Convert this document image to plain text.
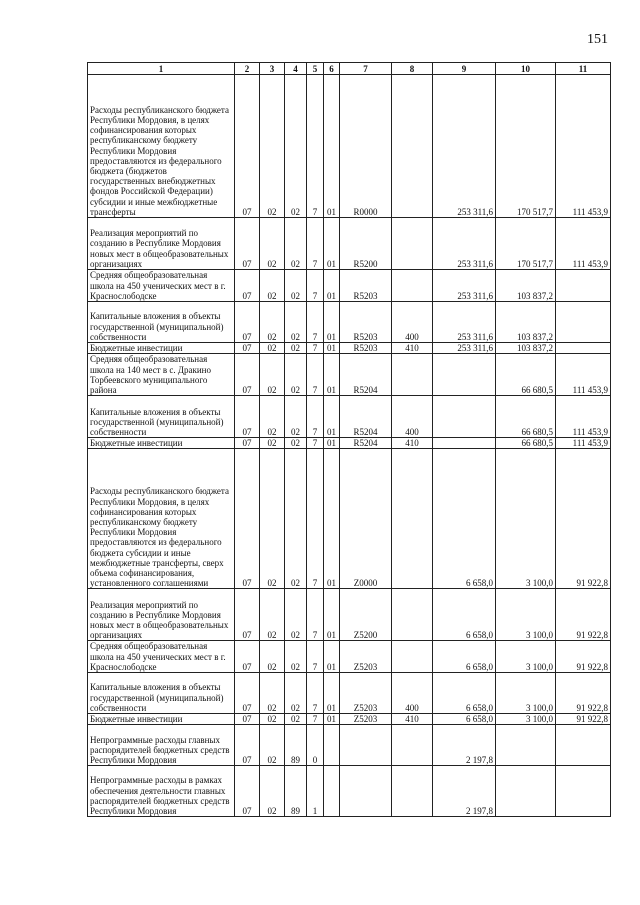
151
1	2	3	4	5	6	7	8	9	10	11
Расходы республиканского бюджета Республики Мордовия, в целях софинансирования которых республиканскому бюджету Республики Мордовия предоставляются из федерального бюджета (бюджетов государственных внебюджетных фондов Российской Федерации) субсидии и иные межбюджетные трансферты	07	02	02	7	01	R0000		253 311,6	170 517,7	111 453,9
Реализация мероприятий по созданию в Республике Мордовия новых мест в общеобразовательных организациях	07	02	02	7	01	R5200		253 311,6	170 517,7	111 453,9
Средняя общеобразовательная школа на 450 ученических мест в г. Краснослободске	07	02	02	7	01	R5203		253 311,6	103 837,2	
Капитальные вложения в объекты государственной (муниципальной) собственности	07	02	02	7	01	R5203	400	253 311,6	103 837,2	
Бюджетные инвестиции	07	02	02	7	01	R5203	410	253 311,6	103 837,2	
Средняя общеобразовательная школа на 140 мест в с. Дракино Торбеевского муниципального района	07	02	02	7	01	R5204			66 680,5	111 453,9
Капитальные вложения в объекты государственной (муниципальной) собственности	07	02	02	7	01	R5204	400		66 680,5	111 453,9
Бюджетные инвестиции	07	02	02	7	01	R5204	410		66 680,5	111 453,9
Расходы республиканского бюджета Республики Мордовия, в целях софинансирования которых республиканскому бюджету Республики Мордовия предоставляются из федерального бюджета субсидии и иные межбюджетные трансферты, сверх объема софинансирования, установленного соглашениями	07	02	02	7	01	Z0000		6 658,0	3 100,0	91 922,8
Реализация мероприятий по созданию в Республике Мордовия новых мест в общеобразовательных организациях	07	02	02	7	01	Z5200		6 658,0	3 100,0	91 922,8
Средняя общеобразовательная школа на 450 ученических мест в г. Краснослободске	07	02	02	7	01	Z5203		6 658,0	3 100,0	91 922,8
Капитальные вложения в объекты государственной (муниципальной) собственности	07	02	02	7	01	Z5203	400	6 658,0	3 100,0	91 922,8
Бюджетные инвестиции	07	02	02	7	01	Z5203	410	6 658,0	3 100,0	91 922,8
Непрограммные расходы главных распорядителей бюджетных средств Республики Мордовия	07	02	89	0				2 197,8		
Непрограммные расходы в рамках обеспечения деятельности главных распорядителей бюджетных средств Республики Мордовия	07	02	89	1				2 197,8		
